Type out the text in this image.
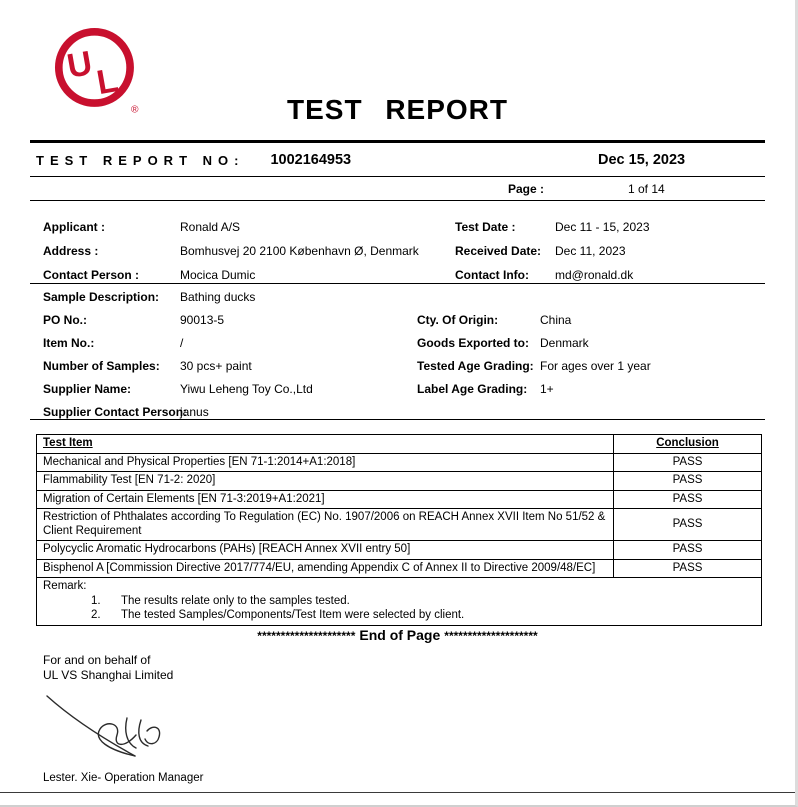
U
L
®	TEST REPORT
TEST REPORT NO: 1002164953	Dec 15, 2023
Page :	1 of 14
Applicant :	Ronald A/S	Test Date :	Dec 11 - 15, 2023
Address :	Bomhusvej 20 2100 København Ø, Denmark	Received Date:	Dec 11, 2023
Contact Person :	Mocica Dumic	Contact Info:	md@ronald.dk
Sample Description:	Bathing ducks
PO No.:	90013-5	Cty. Of Origin:	China
Item No.:	/	Goods Exported to: Denmark
Number of Samples:	30 pcs+ paint	Tested Age Grading: For ages over 1 year
Supplier Name:	Yiwu Leheng Toy Co.,Ltd	Label Age Grading:	1+
Supplier Contact Person:
janus
Test Item	Conclusion
Mechanical and Physical Properties [EN 71-1:2014+A1:2018]	PASS
Flammability Test [EN 71-2: 2020]	PASS
Migration of Certain Elements [EN 71-3:2019+A1:2021]	PASS
Restriction of Phthalates according To Regulation (EC) No. 1907/2006 on REACH Annex XVII Item No 51/52 & Client Requirement	PASS
Polycyclic Aromatic Hydrocarbons (PAHs) [REACH Annex XVII entry 50]	PASS
Bisphenol A [Commission Directive 2017/774/EU, amending Appendix C of Annex II to Directive 2009/48/EC]	PASS

Remark:
1. The results relate only to the samples tested.
2. The tested Samples/Components/Test Item were selected by client.	
********************* End of Page ********************
For and on behalf of
UL VS Shanghai Limited
Lester. Xie- Operation Manager
